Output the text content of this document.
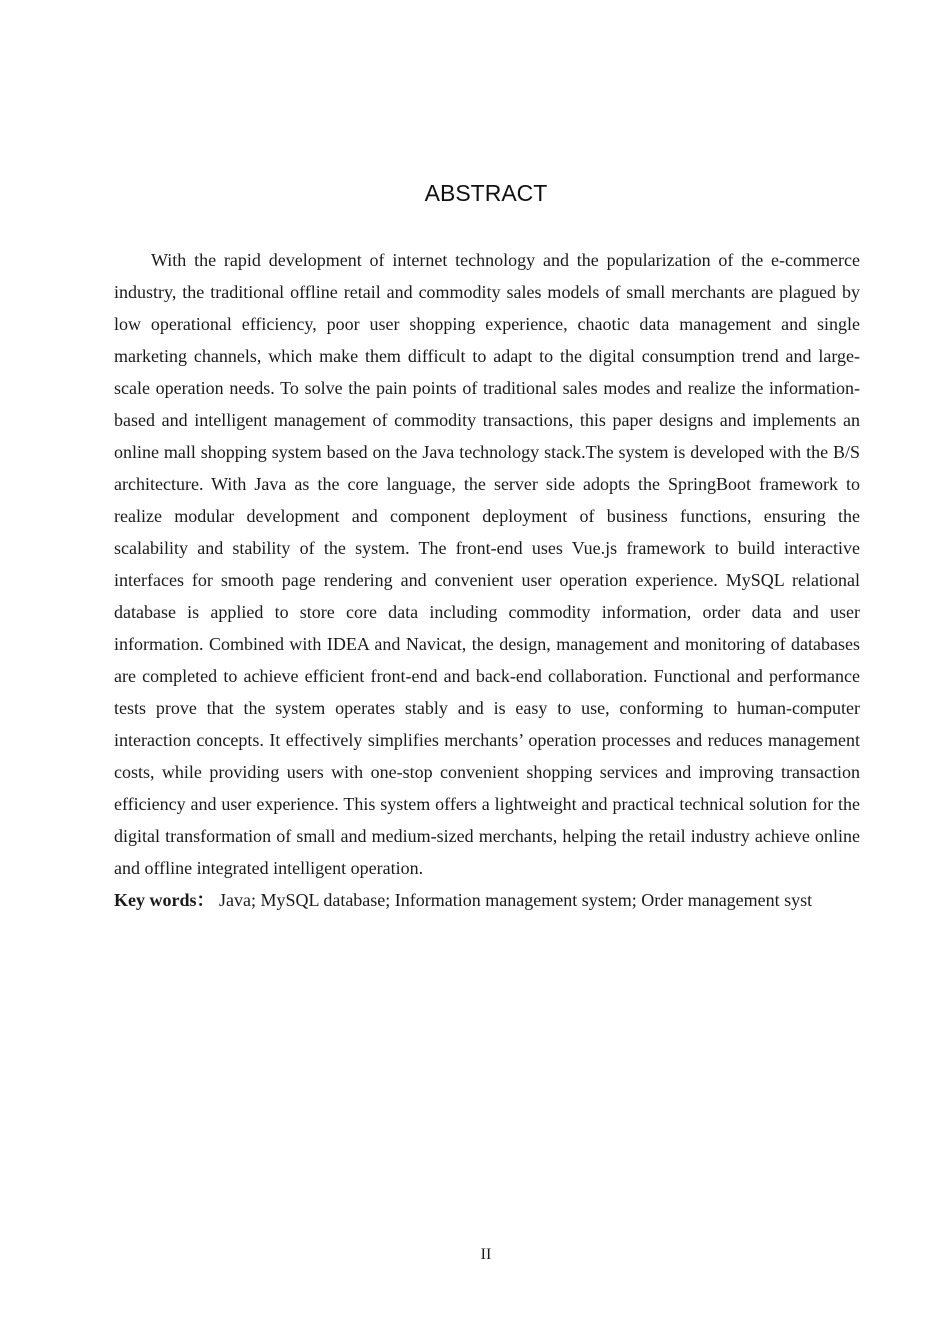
ABSTRACT

With the rapid development of internet technology and the popularization of the e-commerce industry, the traditional offline retail and commodity sales models of small merchants are plagued by low operational efficiency, poor user shopping experience, chaotic data management and single marketing channels, which make them difficult to adapt to the digital consumption trend and large-scale operation needs. To solve the pain points of traditional sales modes and realize the information-based and intelligent management of commodity transactions, this paper designs and implements an online mall shopping system based on the Java technology stack.The system is developed with the B/S architecture. With Java as the core language, the server side adopts the SpringBoot framework to realize modular development and component deployment of business functions, ensuring the scalability and stability of the system. The front-end uses Vue.js framework to build interactive interfaces for smooth page rendering and convenient user operation experience. MySQL relational database is applied to store core data including commodity information, order data and user information. Combined with IDEA and Navicat, the design, management and monitoring of databases are completed to achieve efficient front-end and back-end collaboration. Functional and performance tests prove that the system operates stably and is easy to use, conforming to human-computer interaction concepts. It effectively simplifies merchants’ operation processes and reduces management costs, while providing users with one-stop convenient shopping services and improving transaction efficiency and user experience. This system offers a lightweight and practical technical solution for the digital transformation of small and medium-sized merchants, helping the retail industry achieve online and offline integrated intelligent operation.

Key words： Java; MySQL database; Information management system; Order management syst

II
